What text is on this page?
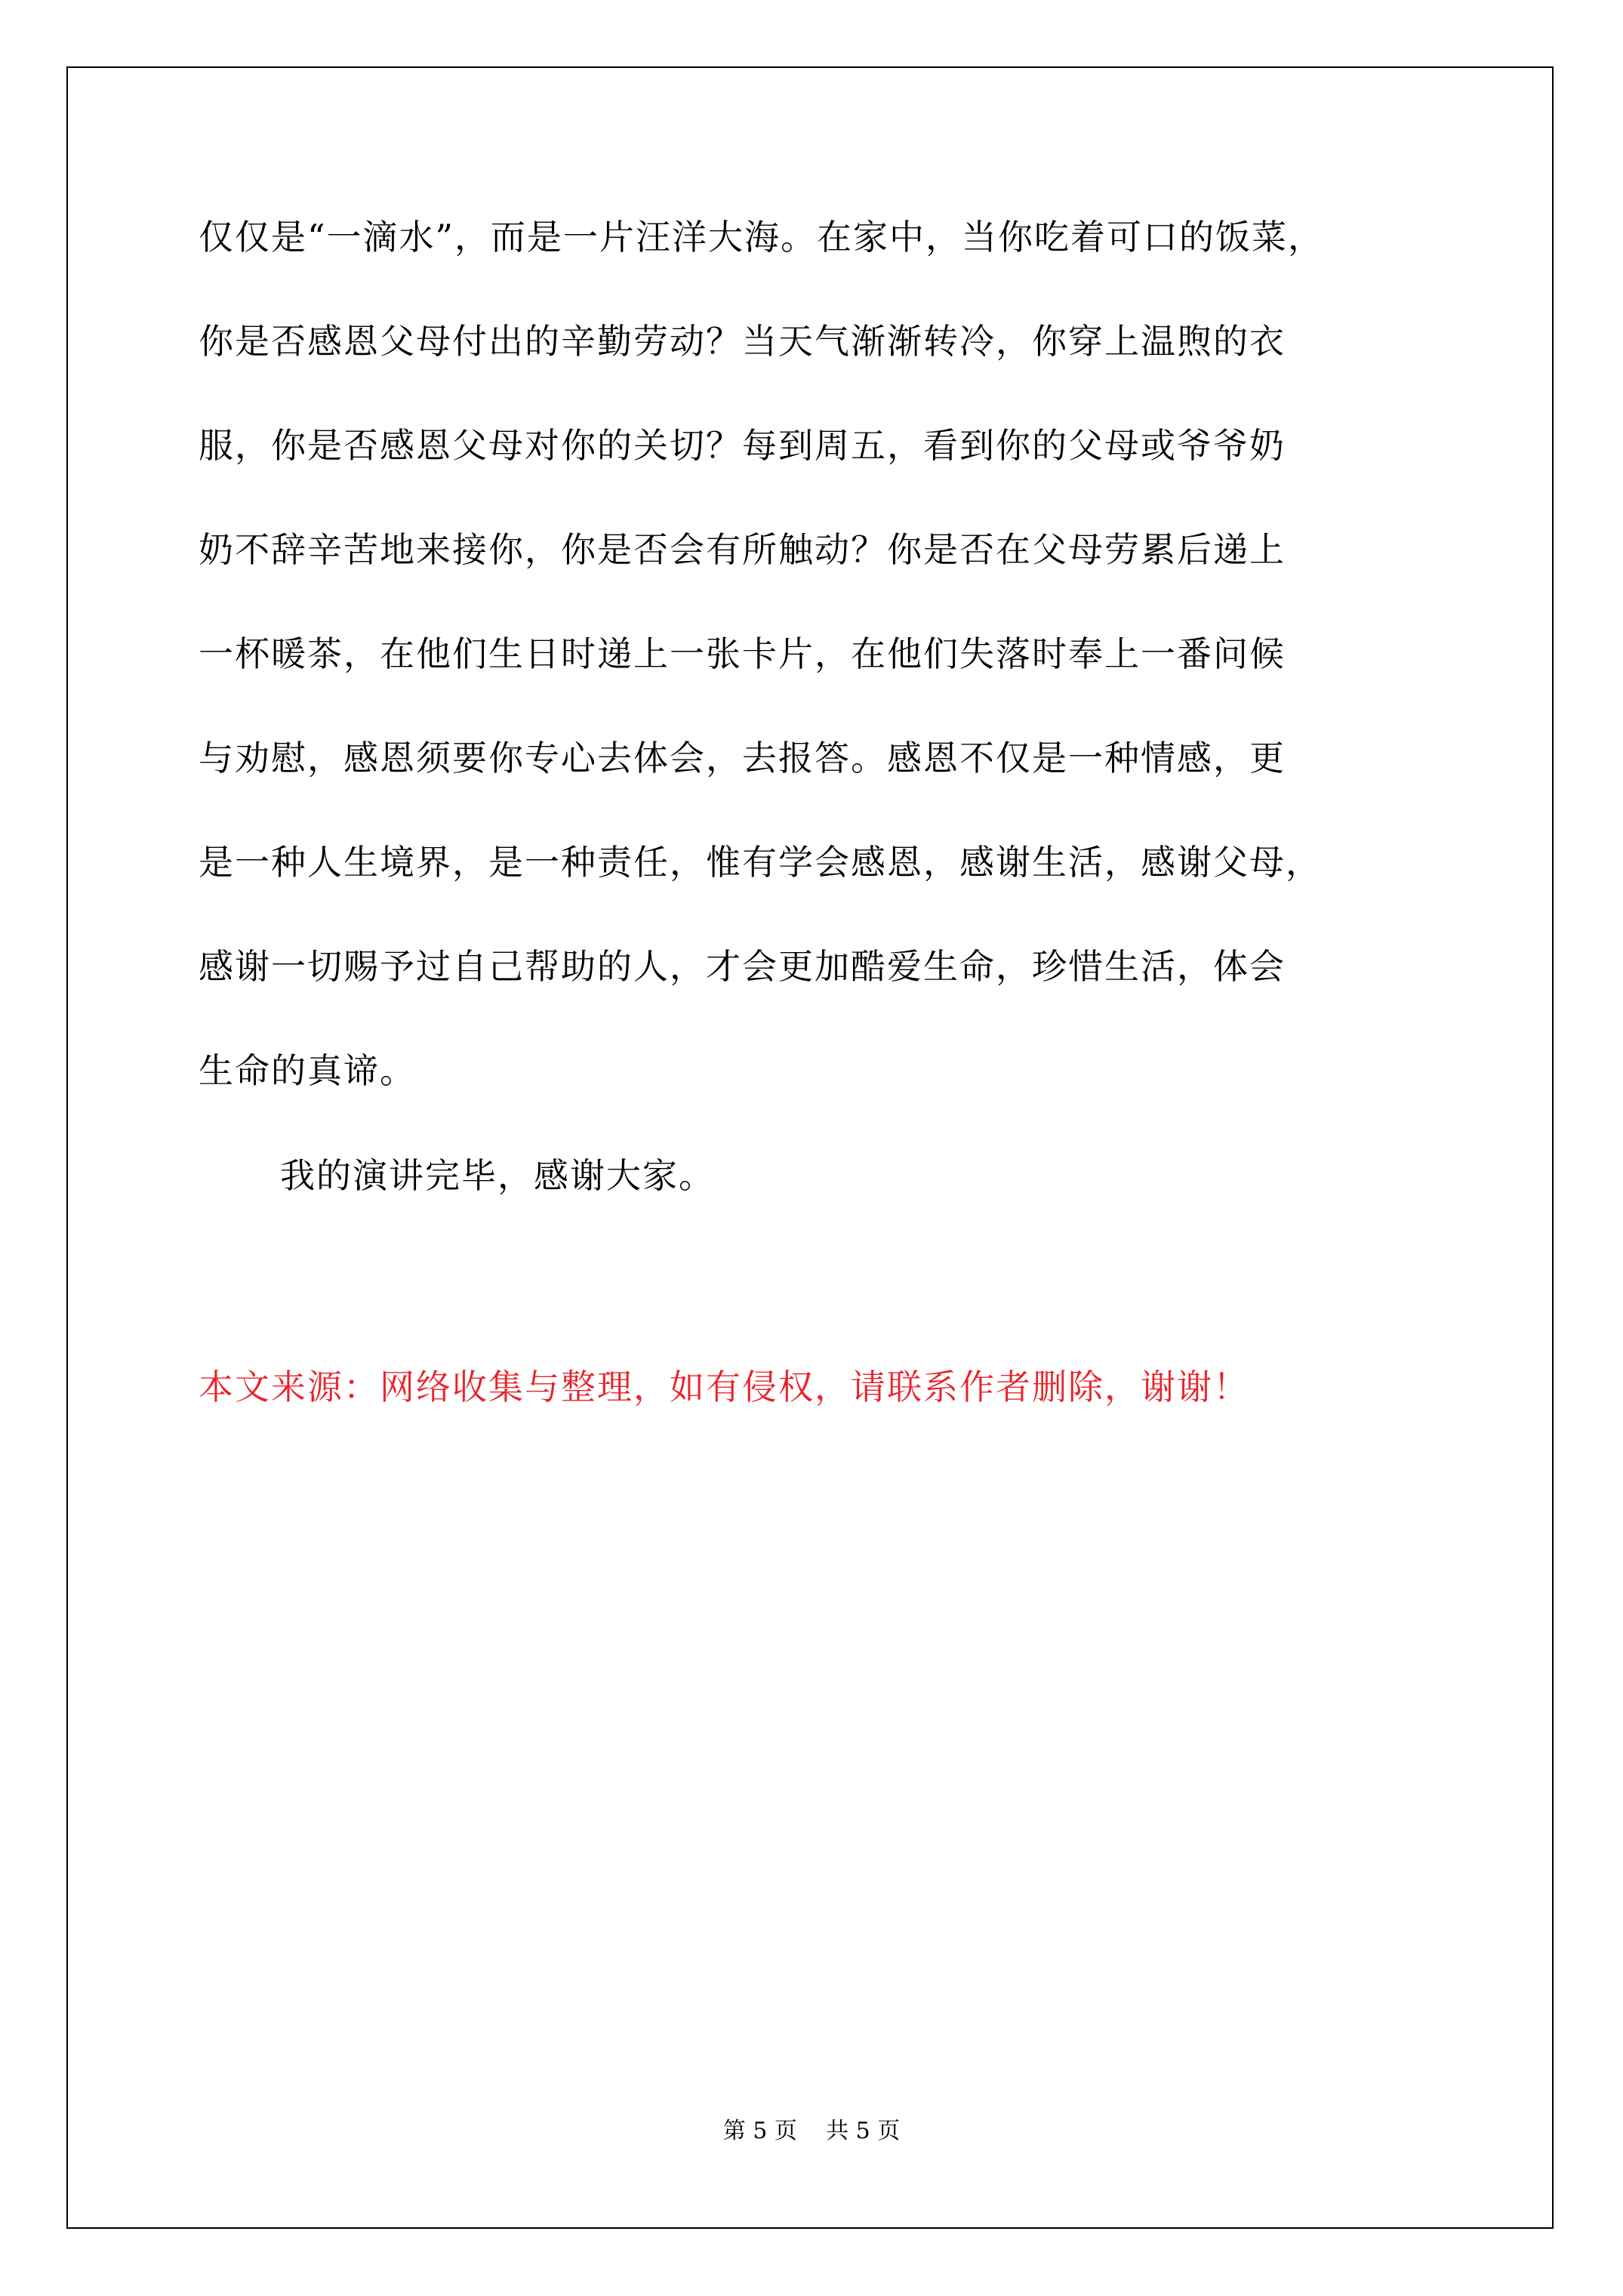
仅仅是“一滴水”，而是一片汪洋大海。在家中，当你吃着可口的饭菜，
你是否感恩父母付出的辛勤劳动？当天气渐渐转冷，你穿上温煦的衣
服，你是否感恩父母对你的关切？每到周五，看到你的父母或爷爷奶
奶不辞辛苦地来接你，你是否会有所触动？你是否在父母劳累后递上
一杯暖茶，在他们生日时递上一张卡片，在他们失落时奉上一番问候
与劝慰，感恩须要你专心去体会，去报答。感恩不仅是一种情感，更
是一种人生境界，是一种责任，惟有学会感恩，感谢生活，感谢父母，
感谢一切赐予过自己帮助的人，才会更加酷爱生命，珍惜生活，体会
生命的真谛。
我的演讲完毕，感谢大家。
本文来源：网络收集与整理，如有侵权，请联系作者删除，谢谢！
第 5 页    共 5 页
